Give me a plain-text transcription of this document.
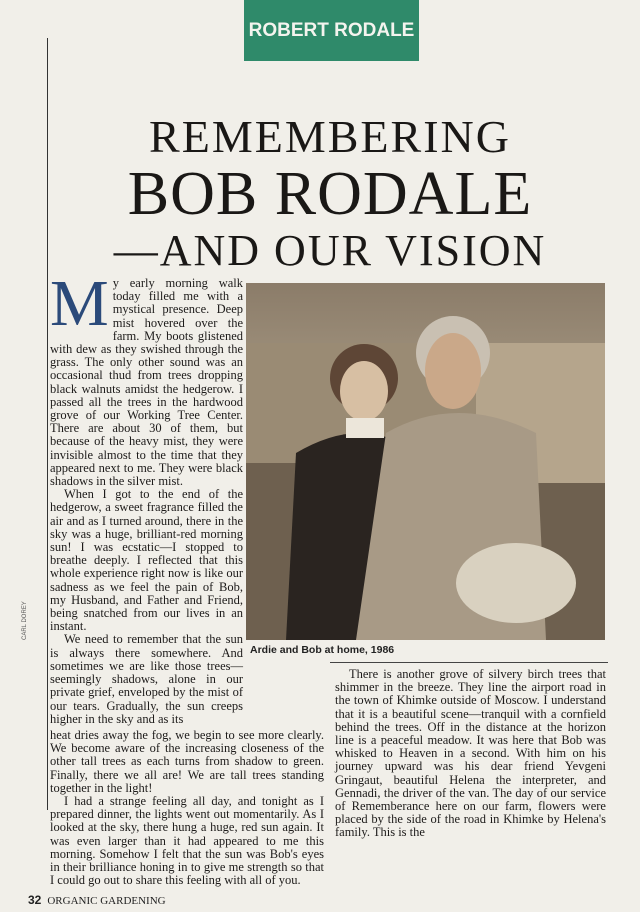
ROBERT RODALE
REMEMBERING
BOB RODALE
—AND OUR VISION
M y early morning walk today filled me with a mystical presence. Deep mist hovered over the farm. My boots glistened with dew as they swished through the grass. The only other sound was an occasional thud from trees dropping black walnuts amidst the hedgerow. I passed all the trees in the hardwood grove of our Working Tree Center. There are about 30 of them, but because of the heavy mist, they were invisible almost to the time that they appeared next to me. They were black shadows in the silver mist.

When I got to the end of the hedgerow, a sweet fragrance filled the air and as I turned around, there in the sky was a huge, brilliant-red morning sun! I was ecstatic—I stopped to breathe deeply. I reflected that this whole experience right now is like our sadness as we feel the pain of Bob, my Husband, and Father and Friend, being snatched from our lives in an instant.

We need to remember that the sun is always there somewhere. And sometimes we are like those trees—seemingly shadows, alone in our private grief, enveloped by the mist of our tears. Gradually, the sun creeps higher in the sky and as its

Ardie and Bob at home, 1986
CARL DOREY

heat dries away the fog, we begin to see more clearly. We become aware of the increasing closeness of the other tall trees as each turns from shadow to green. Finally, there we all are! We are tall trees standing together in the light!

I had a strange feeling all day, and tonight as I prepared dinner, the lights went out momentarily. As I looked at the sky, there hung a huge, red sun again. It was even larger than it had appeared to me this morning. Somehow I felt that the sun was Bob's eyes in their brilliance honing in to give me strength so that I could go out to share this feeling with all of you.

There is another grove of silvery birch trees that shimmer in the breeze. They line the airport road in the town of Khimke outside of Moscow. I understand that it is a beautiful scene—tranquil with a cornfield behind the trees. Off in the distance at the horizon line is a peaceful meadow. It was here that Bob was whisked to Heaven in a second. With him on his journey upward was his dear friend Yevgeni Gringaut, beautiful Helena the interpreter, and Gennadi, the driver of the van. The day of our service of Rememberance here on our farm, flowers were placed by the side of the road in Khimke by Helena's family. This is the

32 ORGANIC GARDENING
